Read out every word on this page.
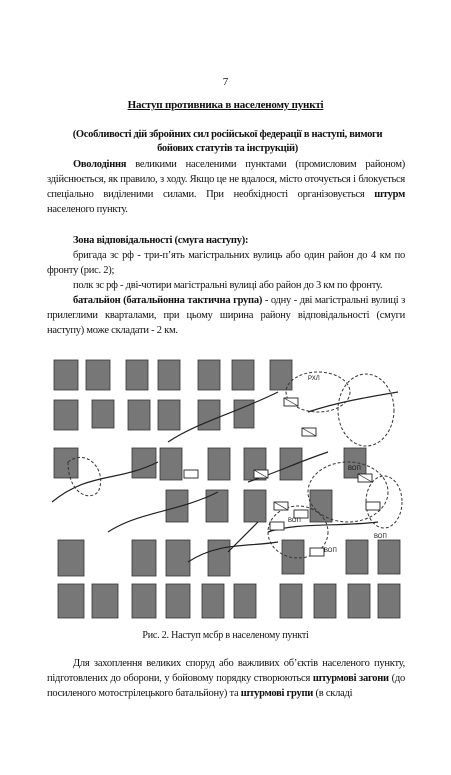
7
Наступ противника в населеному пункті
(Особливості дій збройних сил російської федерації в наступі, вимоги бойових статутів та інструкцій)
Оволодіння великими населеними пунктами (промисловим районом) здійснюється, як правило, з ходу. Якщо це не вдалося, місто оточується і блокується спеціально виділеними силами. При необхідності організовується штурм населеного пункту.
Зона відповідальності (смуга наступу):
бригада зс рф - три-п’ять магістральних вулиць або один район до 4 км по фронту (рис. 2);
полк зс рф - дві-чотири магістральні вулиці або район до 3 км по фронту.
батальйон (батальйонна тактична група) - одну - дві магістральні вулиці з прилеглими кварталами, при цьому ширина району відповідальності (смуги наступу) може складати - 2 км.
РХЛ
ВОП
ВОП
ВОП
ВОП
Рис. 2. Наступ мсбр в населеному пункті
Для захоплення великих споруд або важливих об’єктів населеного пункту, підготовлених до оборони, у бойовому порядку створюються штурмові загони (до посиленого мотострілецького батальйону) та штурмові групи (в складі
